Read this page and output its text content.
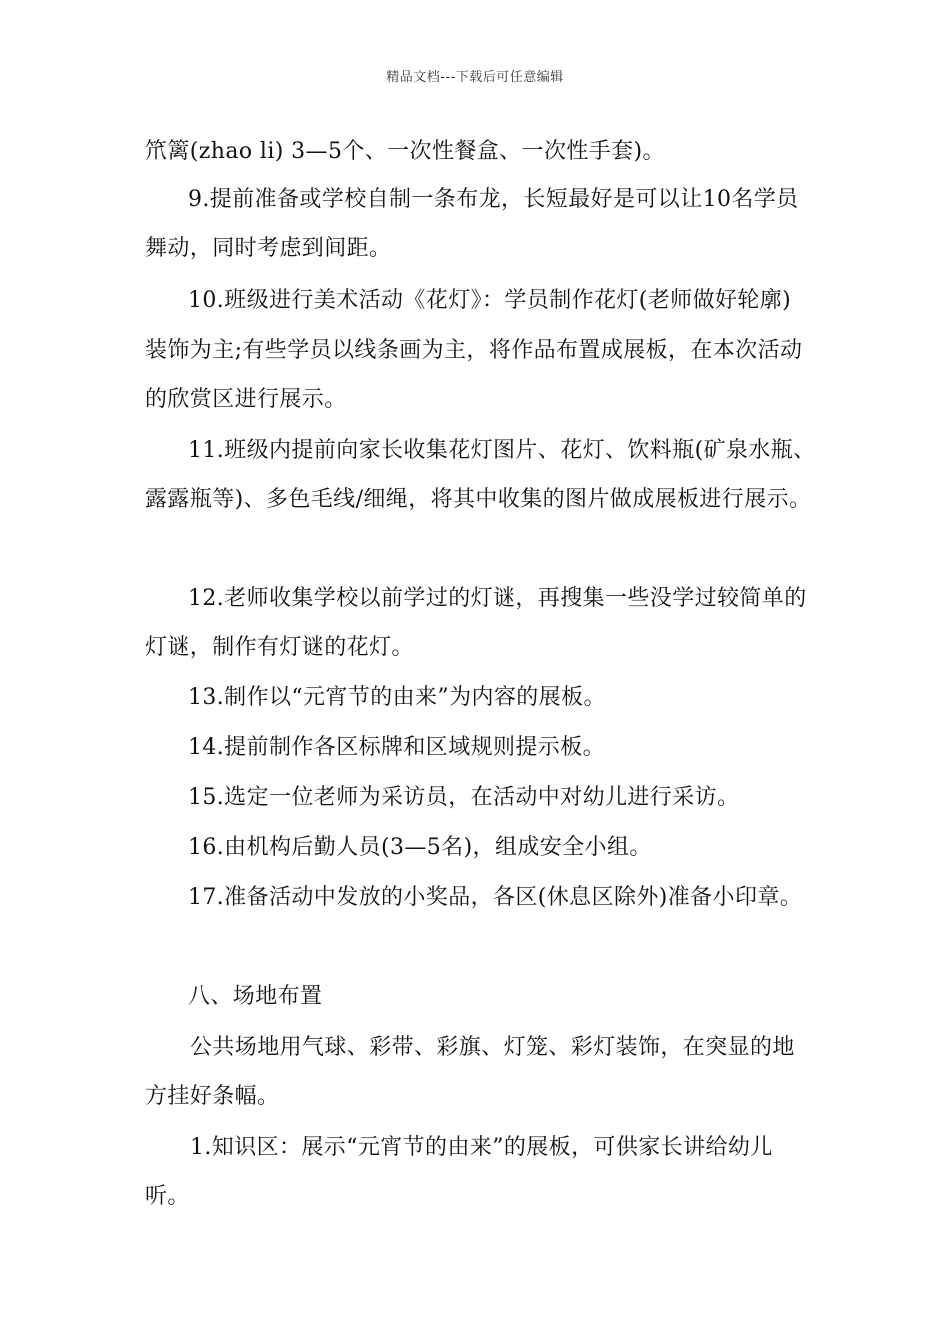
精品文档---下载后可任意编辑
笊篱(zhao li) 3—5个、一次性餐盒、一次性手套)。
9.提前准备或学校自制一条布龙，长短最好是可以让10名学员
舞动，同时考虑到间距。
10.班级进行美术活动《花灯》：学员制作花灯(老师做好轮廓)
装饰为主;有些学员以线条画为主，将作品布置成展板，在本次活动
的欣赏区进行展示。
11.班级内提前向家长收集花灯图片、花灯、饮料瓶(矿泉水瓶、
露露瓶等)、多色毛线/细绳，将其中收集的图片做成展板进行展示。
12.老师收集学校以前学过的灯谜，再搜集一些没学过较简单的
灯谜，制作有灯谜的花灯。
13.制作以“元宵节的由来”为内容的展板。
14.提前制作各区标牌和区域规则提示板。
15.选定一位老师为采访员，在活动中对幼儿进行采访。
16.由机构后勤人员(3—5名)，组成安全小组。
17.准备活动中发放的小奖品，各区(休息区除外)准备小印章。
八、场地布置
公共场地用气球、彩带、彩旗、灯笼、彩灯装饰，在突显的地
方挂好条幅。
1.知识区：展示“元宵节的由来”的展板，可供家长讲给幼儿
听。
